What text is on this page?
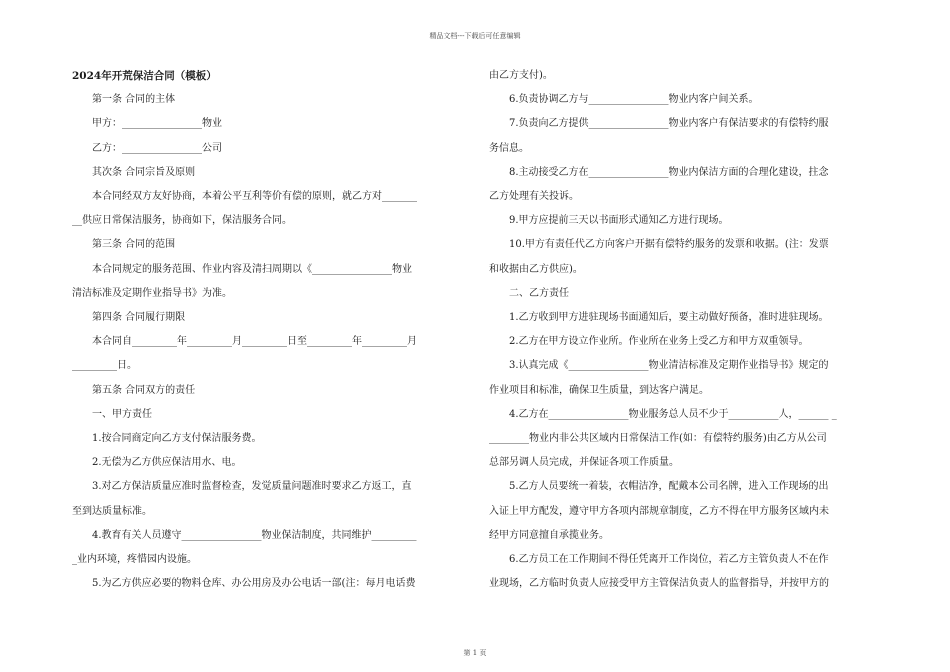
精品文档---下载后可任意编辑

2024年开荒保洁合同（模板）

第一条 合同的主体

甲方：________________物业

乙方：________________公司

其次条 合同宗旨及原则

本合同经双方友好协商，本着公平互利等价有偿的原则，就乙方对_______

__供应日常保洁服务，协商如下，保洁服务合同。

第三条 合同的范围

本合同规定的服务范围、作业内容及清扫周期以《________________物业

清洁标准及定期作业指导书》为准。

第四条 合同履行期限

本合同自_________年_________月_________日至_________年_________月

_________日。

第五条 合同双方的责任

一、甲方责任

1.按合同商定向乙方支付保洁服务费。

2.无偿为乙方供应保洁用水、电。

3.对乙方保洁质量应准时监督检查，发觉质量问题准时要求乙方返工，直

至到达质量标准。

4.教育有关人员遵守________________物业保洁制度，共同维护_________

_业内环境，疼惜园内设施。

5.为乙方供应必要的物料仓库、办公用房及办公电话一部(注：每月电话费

由乙方支付)。

6.负责协调乙方与________________物业内客户间关系。

7.负责向乙方提供________________物业内客户有保洁要求的有偿特约服

务信息。

8.主动接受乙方在________________物业内保洁方面的合理化建设，拄念

乙方处理有关投诉。

9.甲方应提前三天以书面形式通知乙方进行现场。

10.甲方有责任代乙方向客户开据有偿特约服务的发票和收据。(注：发票

和收据由乙方供应)。

二、乙方责任

1.乙方收到甲方进驻现场书面通知后，要主动做好预备，准时进驻现场。

2.乙方在甲方设立作业所。作业所在业务上受乙方和甲方双重领导。

3.认真完成《________________物业清洁标准及定期作业指导书》规定的

作业项目和标准，确保卫生质量，到达客户满足。

4.乙方在________________物业服务总人员不少于__________人，______ _

________物业内非公共区域内日常保洁工作(如：有偿特约服务)由乙方从公司

总部另调人员完成，并保证各项工作质量。

5.乙方人员要统一着装，衣帽洁净，配戴本公司名牌，进入工作现场的出

入证上甲方配发，遵守甲方各项内部规章制度，乙方不得在甲方服务区域内未

经甲方同意擅自承揽业务。

6.乙方员工在工作期间不得任凭离开工作岗位，若乙方主管负责人不在作

业现场，乙方临时负责人应接受甲方主管保洁负责人的监督指导，并按甲方的

第 1 页
